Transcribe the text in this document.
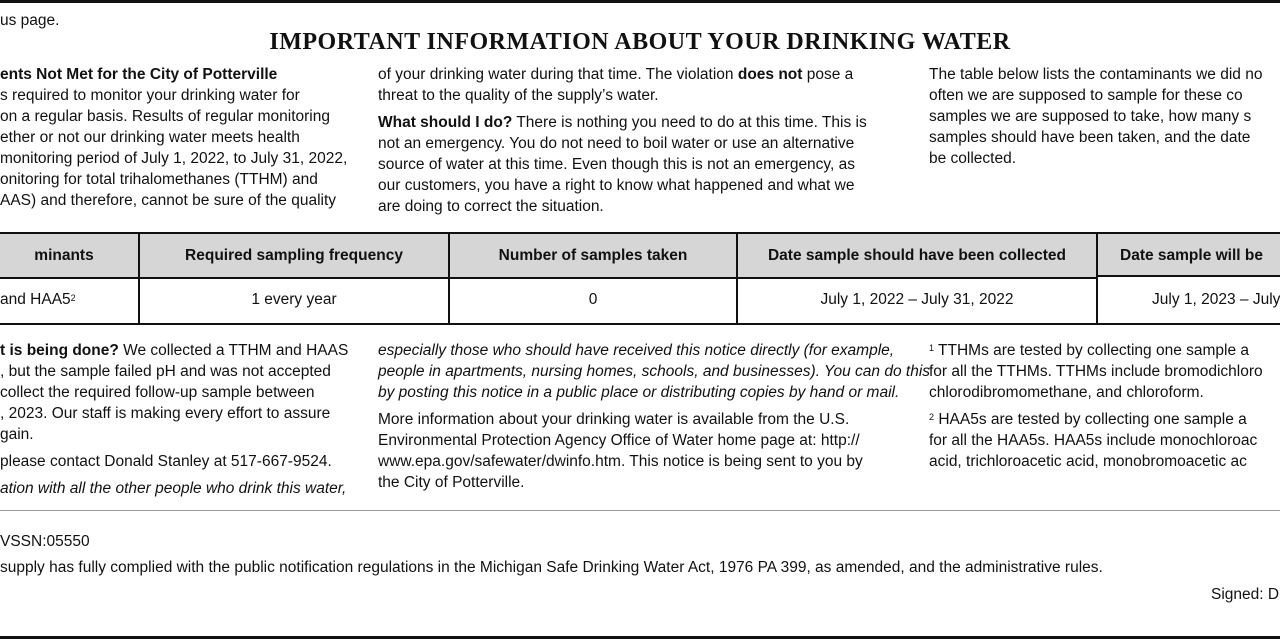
us page.
IMPORTANT INFORMATION ABOUT YOUR DRINKING WATER

ents Not Met for the City of Potterville

s required to monitor your drinking water for

on a regular basis. Results of regular monitoring

ether or not our drinking water meets health

monitoring period of July 1, 2022, to July 31, 2022,

onitoring for total trihalomethanes (TTHM) and

AAS) and therefore, cannot be sure of the quality

of your drinking water during that time. The violation does not pose a

threat to the quality of the supply’s water.

What should I do? There is nothing you need to do at this time. This is

not an emergency. You do not need to boil water or use an alternative

source of water at this time. Even though this is not an emergency, as

our customers, you have a right to know what happened and what we

are doing to correct the situation.

The table below lists the contaminants we did no

often we are supposed to sample for these co

samples we are supposed to take, how many s

samples should have been taken, and the date

be collected.

minants	Required sampling frequency	Number of samples taken	Date sample should have been collected	Date sample will be
and $HAA5^2$	1 every year	0	July 1, 2022 – July 31, 2022	July 1, 2023 – July

t is being done? We collected a TTHM and HAAS

, but the sample failed pH and was not accepted

collect the required follow-up sample between

, 2023. Our staff is making every effort to assure

gain.

please contact Donald Stanley at 517-667-9524.

ation with all the other people who drink this water,

especially those who should have received this notice directly (for example,

people in apartments, nursing homes, schools, and businesses). You can do this

by posting this notice in a public place or distributing copies by hand or mail.

More information about your drinking water is available from the U.S.

Environmental Protection Agency Office of Water home page at: http://

www.epa.gov/safewater/dwinfo.htm. This notice is being sent to you by

the City of Potterville.

$^1$ TTHMs are tested by collecting one sample a

for all the TTHMs. TTHMs include bromodichloro

chlorodibromomethane, and chloroform.

$^2$ HAA5s are tested by collecting one sample a

for all the HAA5s. HAA5s include monochloroac

acid, trichloroacetic acid, monobromoacetic ac

VSSN:05550
supply has fully complied with the public notification regulations in the Michigan Safe Drinking Water Act, 1976 PA 399, as amended, and the administrative rules.
Signed: D
